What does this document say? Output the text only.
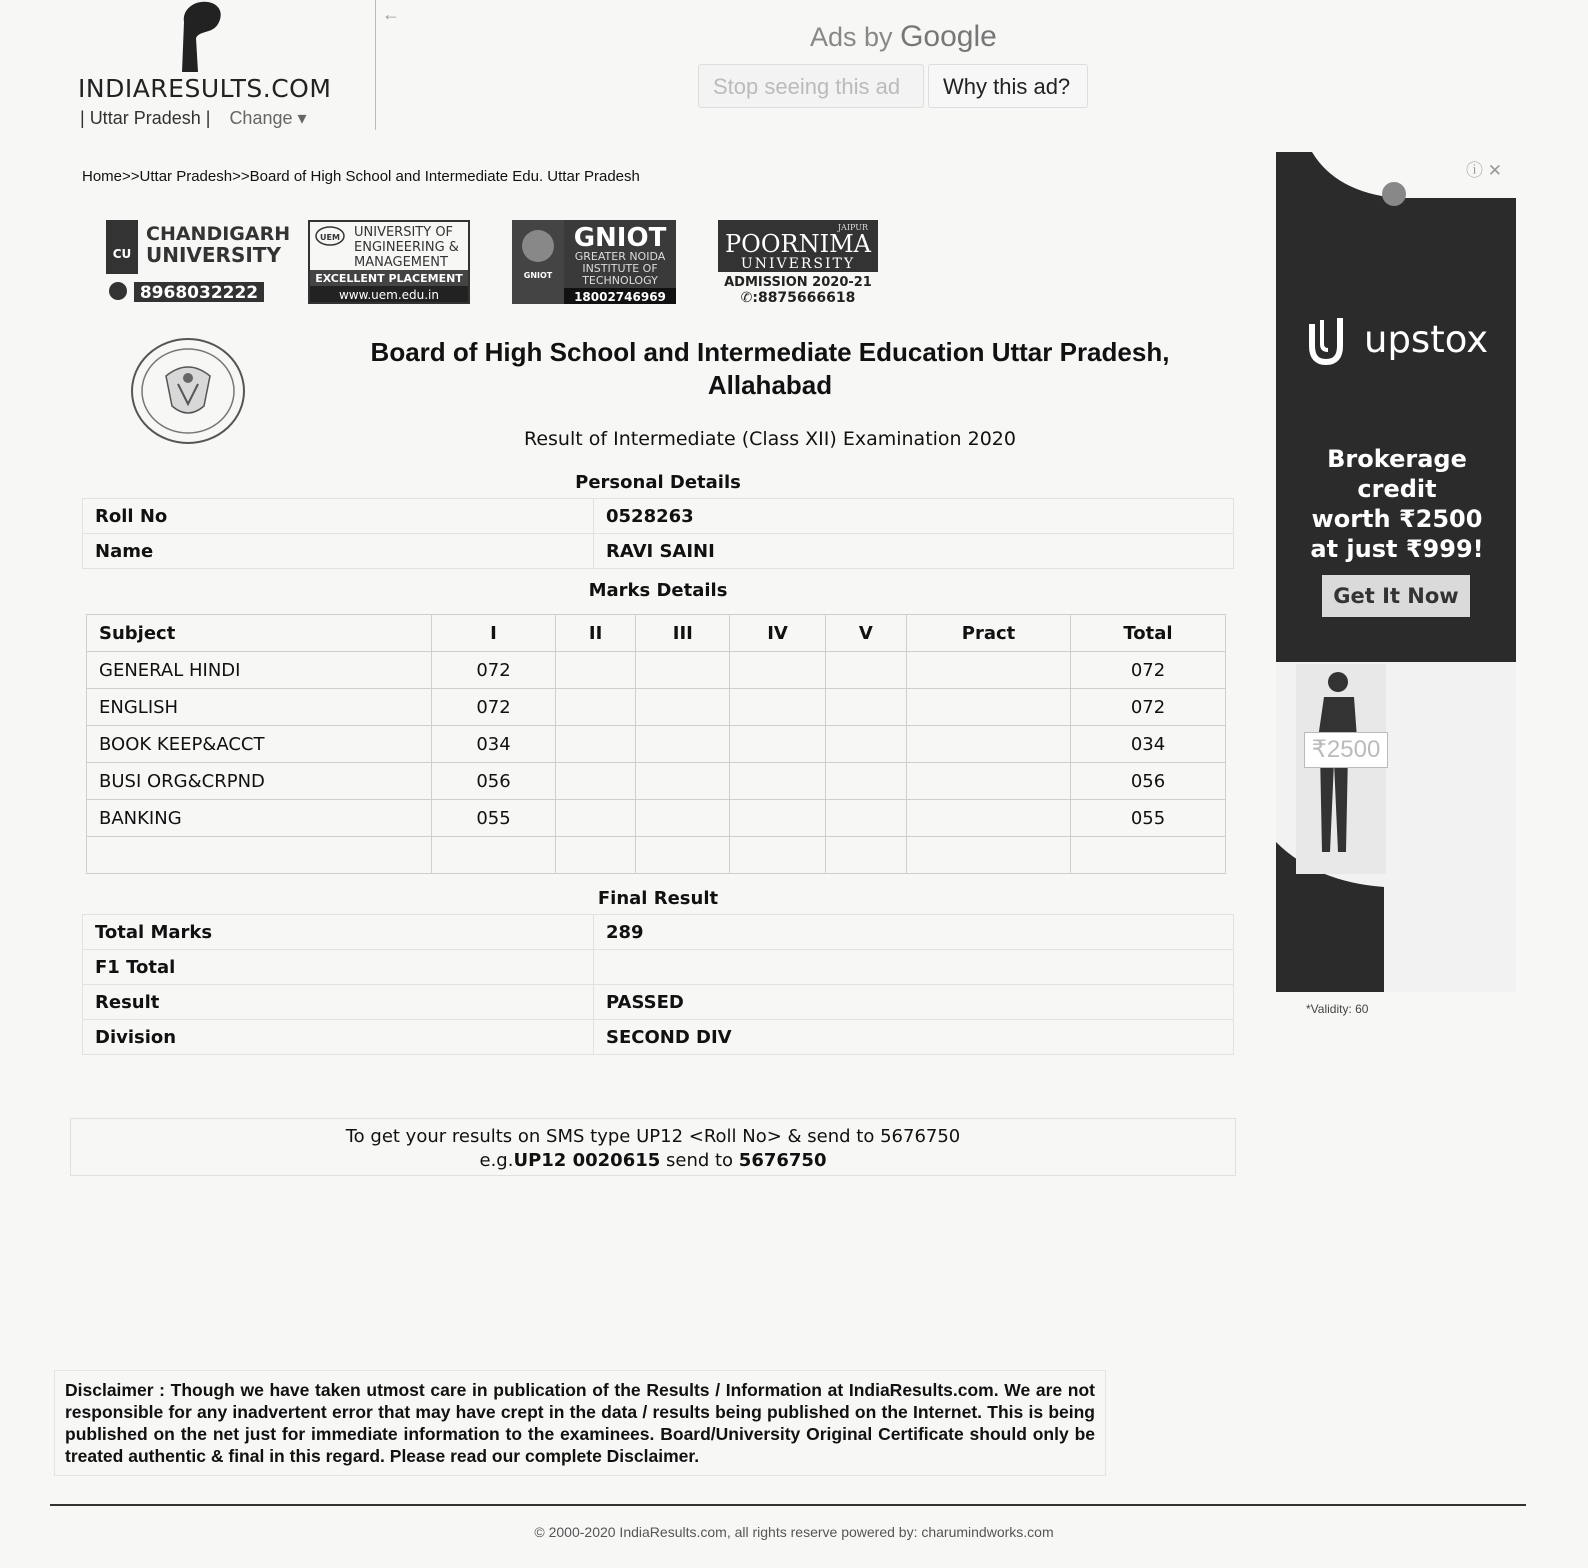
INDIARESULTS.COM
| Uttar Pradesh | Change ▾
←
Ads by Google
Stop seeing this ad	Why this ad?
Home>>Uttar Pradesh>>Board of High School and Intermediate Edu. Uttar Pradesh
CU
CHANDIGARH
UNIVERSITY
8968032222
UEM UNIVERSITY OF
ENGINEERING &
MANAGEMENT
EXCELLENT PLACEMENT
www.uem.edu.in
GNIOT
GNIOT
GREATER NOIDA
INSTITUTE OF
TECHNOLOGY
18002746969
JAIPUR
POORNIMA
UNIVERSITY
ADMISSION 2020-21
✆:8875666618
Board of High School and Intermediate Education Uttar Pradesh,
Allahabad
Result of Intermediate (Class XII) Examination 2020
Personal Details
Roll No	0528263
Name	RAVI SAINI
Marks Details
Subject	I	II	III	IV	V	Pract	Total
GENERAL HINDI	072						072
ENGLISH	072						072
BOOK KEEP&ACCT	034						034
BUSI ORG&CRPND	056						056
BANKING	055						055

Final Result
Total Marks	289
F1 Total	
Result	PASSED
Division	SECOND DIV
To get your results on SMS type UP12 <Roll No> & send to 5676750
e.g.UP12 0020615 send to 5676750
Disclaimer : Though we have taken utmost care in publication of the Results / Information at IndiaResults.com. We are not responsible for any inadvertent error that may have crept in the data / results being published on the Internet. This is being published on the net just for immediate information to the examinees. Board/University Original Certificate should only be treated authentic & final in this regard. Please read our complete Disclaimer.
© 2000-2020 IndiaResults.com, all rights reserve powered by: charumindworks.com
ⓘ ✕
upstox
Brokerage credit
worth ₹2500
at just ₹999!
Get It Now
₹2500
*Validity: 60
